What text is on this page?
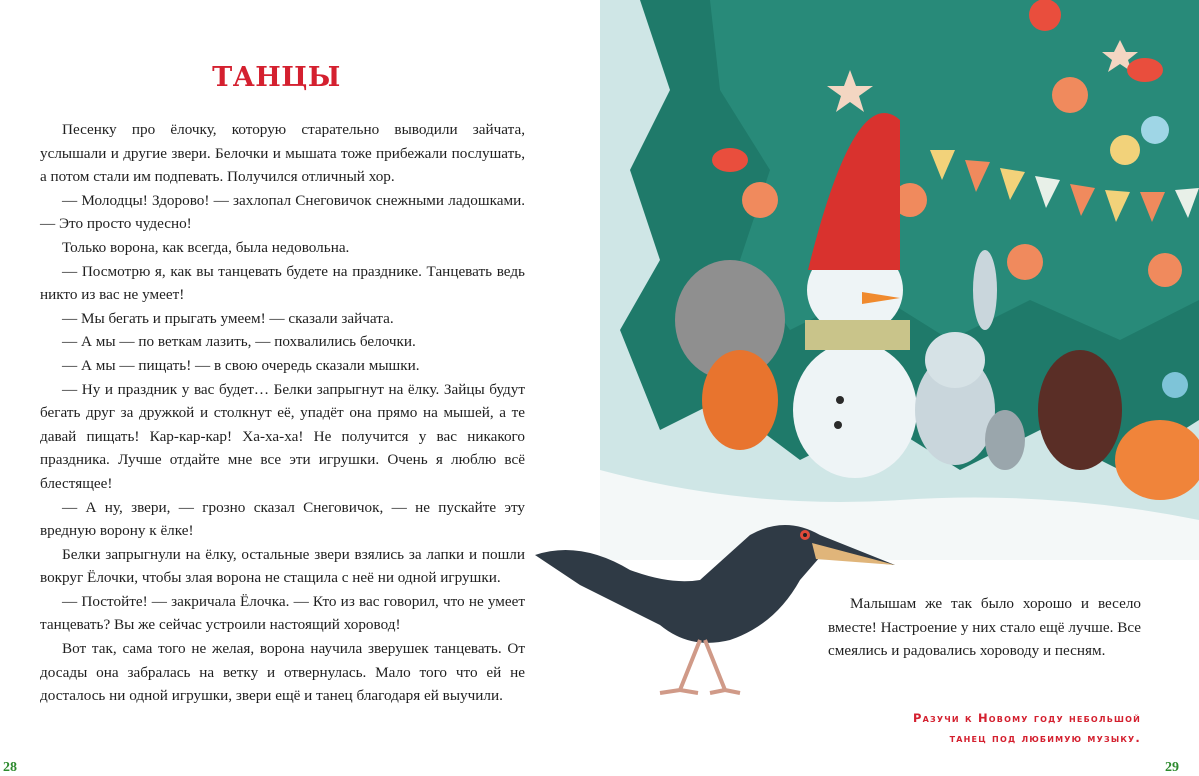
ТАНЦЫ

Песенку про ёлочку, которую старательно выводили зайчата, услышали и другие звери. Белочки и мышата тоже прибежали послушать, а потом стали им подпевать. Получился отличный хор.

— Молодцы! Здорово! — захлопал Снеговичок снежными ладошками. — Это просто чудесно!

Только ворона, как всегда, была недовольна.

— Посмотрю я, как вы танцевать будете на празднике. Танцевать ведь никто из вас не умеет!

— Мы бегать и прыгать умеем! — сказали зайчата.

— А мы — по веткам лазить, — похвалились белочки.

— А мы — пищать! — в свою очередь сказали мышки.

— Ну и праздник у вас будет… Белки запрыгнут на ёлку. Зайцы будут бегать друг за дружкой и столкнут её, упадёт она прямо на мышей, а те давай пищать! Кар-кар-кар! Ха-ха-ха! Не получится у вас никакого праздника. Лучше отдайте мне все эти игрушки. Очень я люблю всё блестящее!

— А ну, звери, — грозно сказал Снеговичок, — не пускайте эту вредную ворону к ёлке!

Белки запрыгнули на ёлку, остальные звери взялись за лапки и пошли вокруг Ёлочки, чтобы злая ворона не стащила с неё ни одной игрушки.

— Постойте! — закричала Ёлочка. — Кто из вас говорил, что не умеет танцевать? Вы же сейчас устроили настоящий хоровод!

Вот так, сама того не желая, ворона научила зверушек танцевать. От досады она забралась на ветку и отвернулась. Мало того что ей не досталось ни одной игрушки, звери ещё и танец благодаря ей выучили.

28

Малышам же так было хорошо и весело вместе! Настроение у них стало ещё лучше. Все смеялись и радовались хороводу и песням.

Разучи к Новому году небольшой
танец под любимую музыку.
29
